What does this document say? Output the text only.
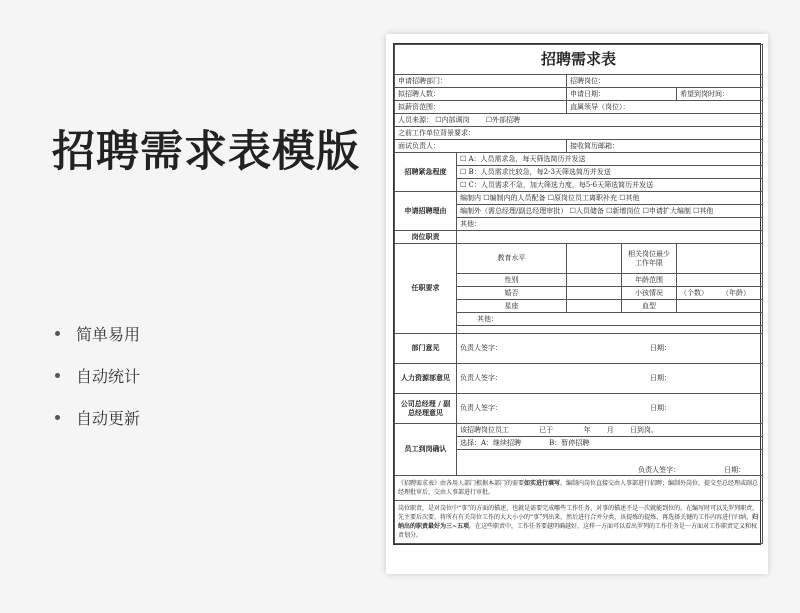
招聘需求表模版
简单易用
自动统计
自动更新
招聘需求表				
申请招聘部门：		招聘岗位：		
拟招聘人数：		申请日期：		希望到岗时间：
拟薪资范围：		直属领导（岗位）：		
人员来源： ☐内部调岗 ☐外部招聘				
之前工作单位背景要求：				
面试负责人：		接收简历邮箱：		
招聘紧急程度	☐ A：人员需求急，每天筛选简历并发送			
	☐ B：人员需求比较急，每2-3天筛选简历并发送			
	☐ C：人员需求不急，加大筛选力度，每5-6天筛选简历并发送			
申请招聘理由	编制内 ☐编制内的人员配备 ☐原岗位员工离职补充 ☐其他			
	编制外（需总经理/副总经理审批） ☐人员储备 ☐新增岗位 ☐申请扩大编制 ☐其他			
	其他：			
岗位职责				
任职要求	教育水平		相关岗位最少工作年限	
	性别		年龄范围	
	婚否		小孩情况	（个数） （年龄）
	星座		血型	
	其他：			

部门意见	负责人签字： 日期：			
人力资源部意见	负责人签字： 日期：			
公司总经理 / 副总经理意见	负责人签字： 日期：			
员工到岗确认	该招聘岗位员工 已于 年 月 日到岗。			
	选择：A：继续招聘 B：暂停招聘			
	负责人签字： 日期：			
《招聘需求表》由各用人部门根据本部门的需要如实进行填写。编制内岗位直接交由人事部进行招聘；编制外岗位，提交至总经理或副总经理批审后，交由人事部进行审批。				
岗位职责，是对岗位中“事”的方面的描述，也就是需要完成哪些工作任务。对事的描述不是一次就能到位的，在编写时可以先罗列职责，先主要后次要，将所有有关岗位工作的大大小小的“事”列出来，然后进行合并分类，该提炼的提炼，再选择关键的工作内容进行归纳，归纳出的职责最好为三~五项。在这些职责中，工作任务要越明确越好，这样一方面可以看出罗列的工作任务是一方面对工作职责定义和权责划分。				
